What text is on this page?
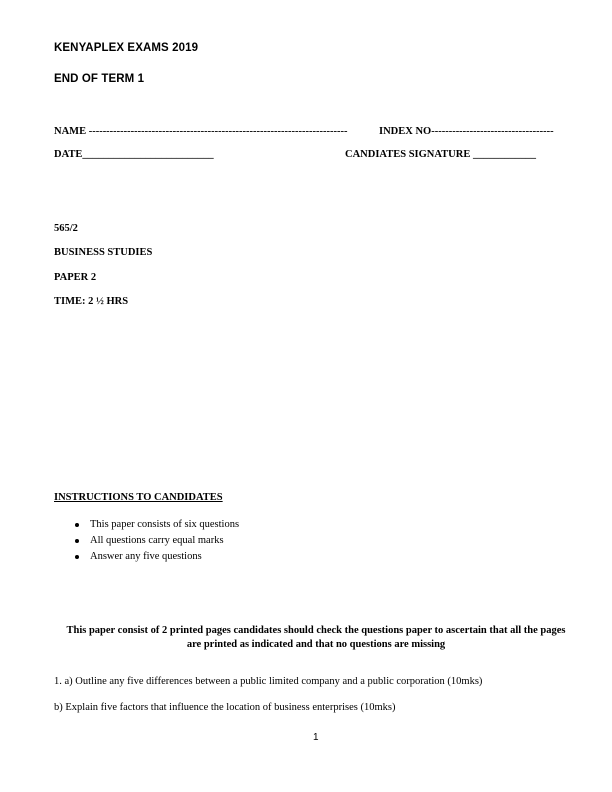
KENYAPLEX EXAMS 2019
END OF TERM 1
NAME --------------------------------------------------------------------------	INDEX NO-----------------------------------
DATE_________________________	CANDIATES SIGNATURE ____________
565/2
BUSINESS STUDIES
PAPER 2
TIME: 2 ½ HRS
INSTRUCTIONS TO CANDIDATES
This paper consists of six questions
All questions carry equal marks
Answer any five questions
This paper consist of 2 printed pages candidates should check the questions paper to ascertain that all the pages are printed as indicated and that no questions are missing
1. a) Outline any five differences between a public limited company and a public corporation (10mks)
b) Explain five factors that influence the location of business enterprises (10mks)
1
